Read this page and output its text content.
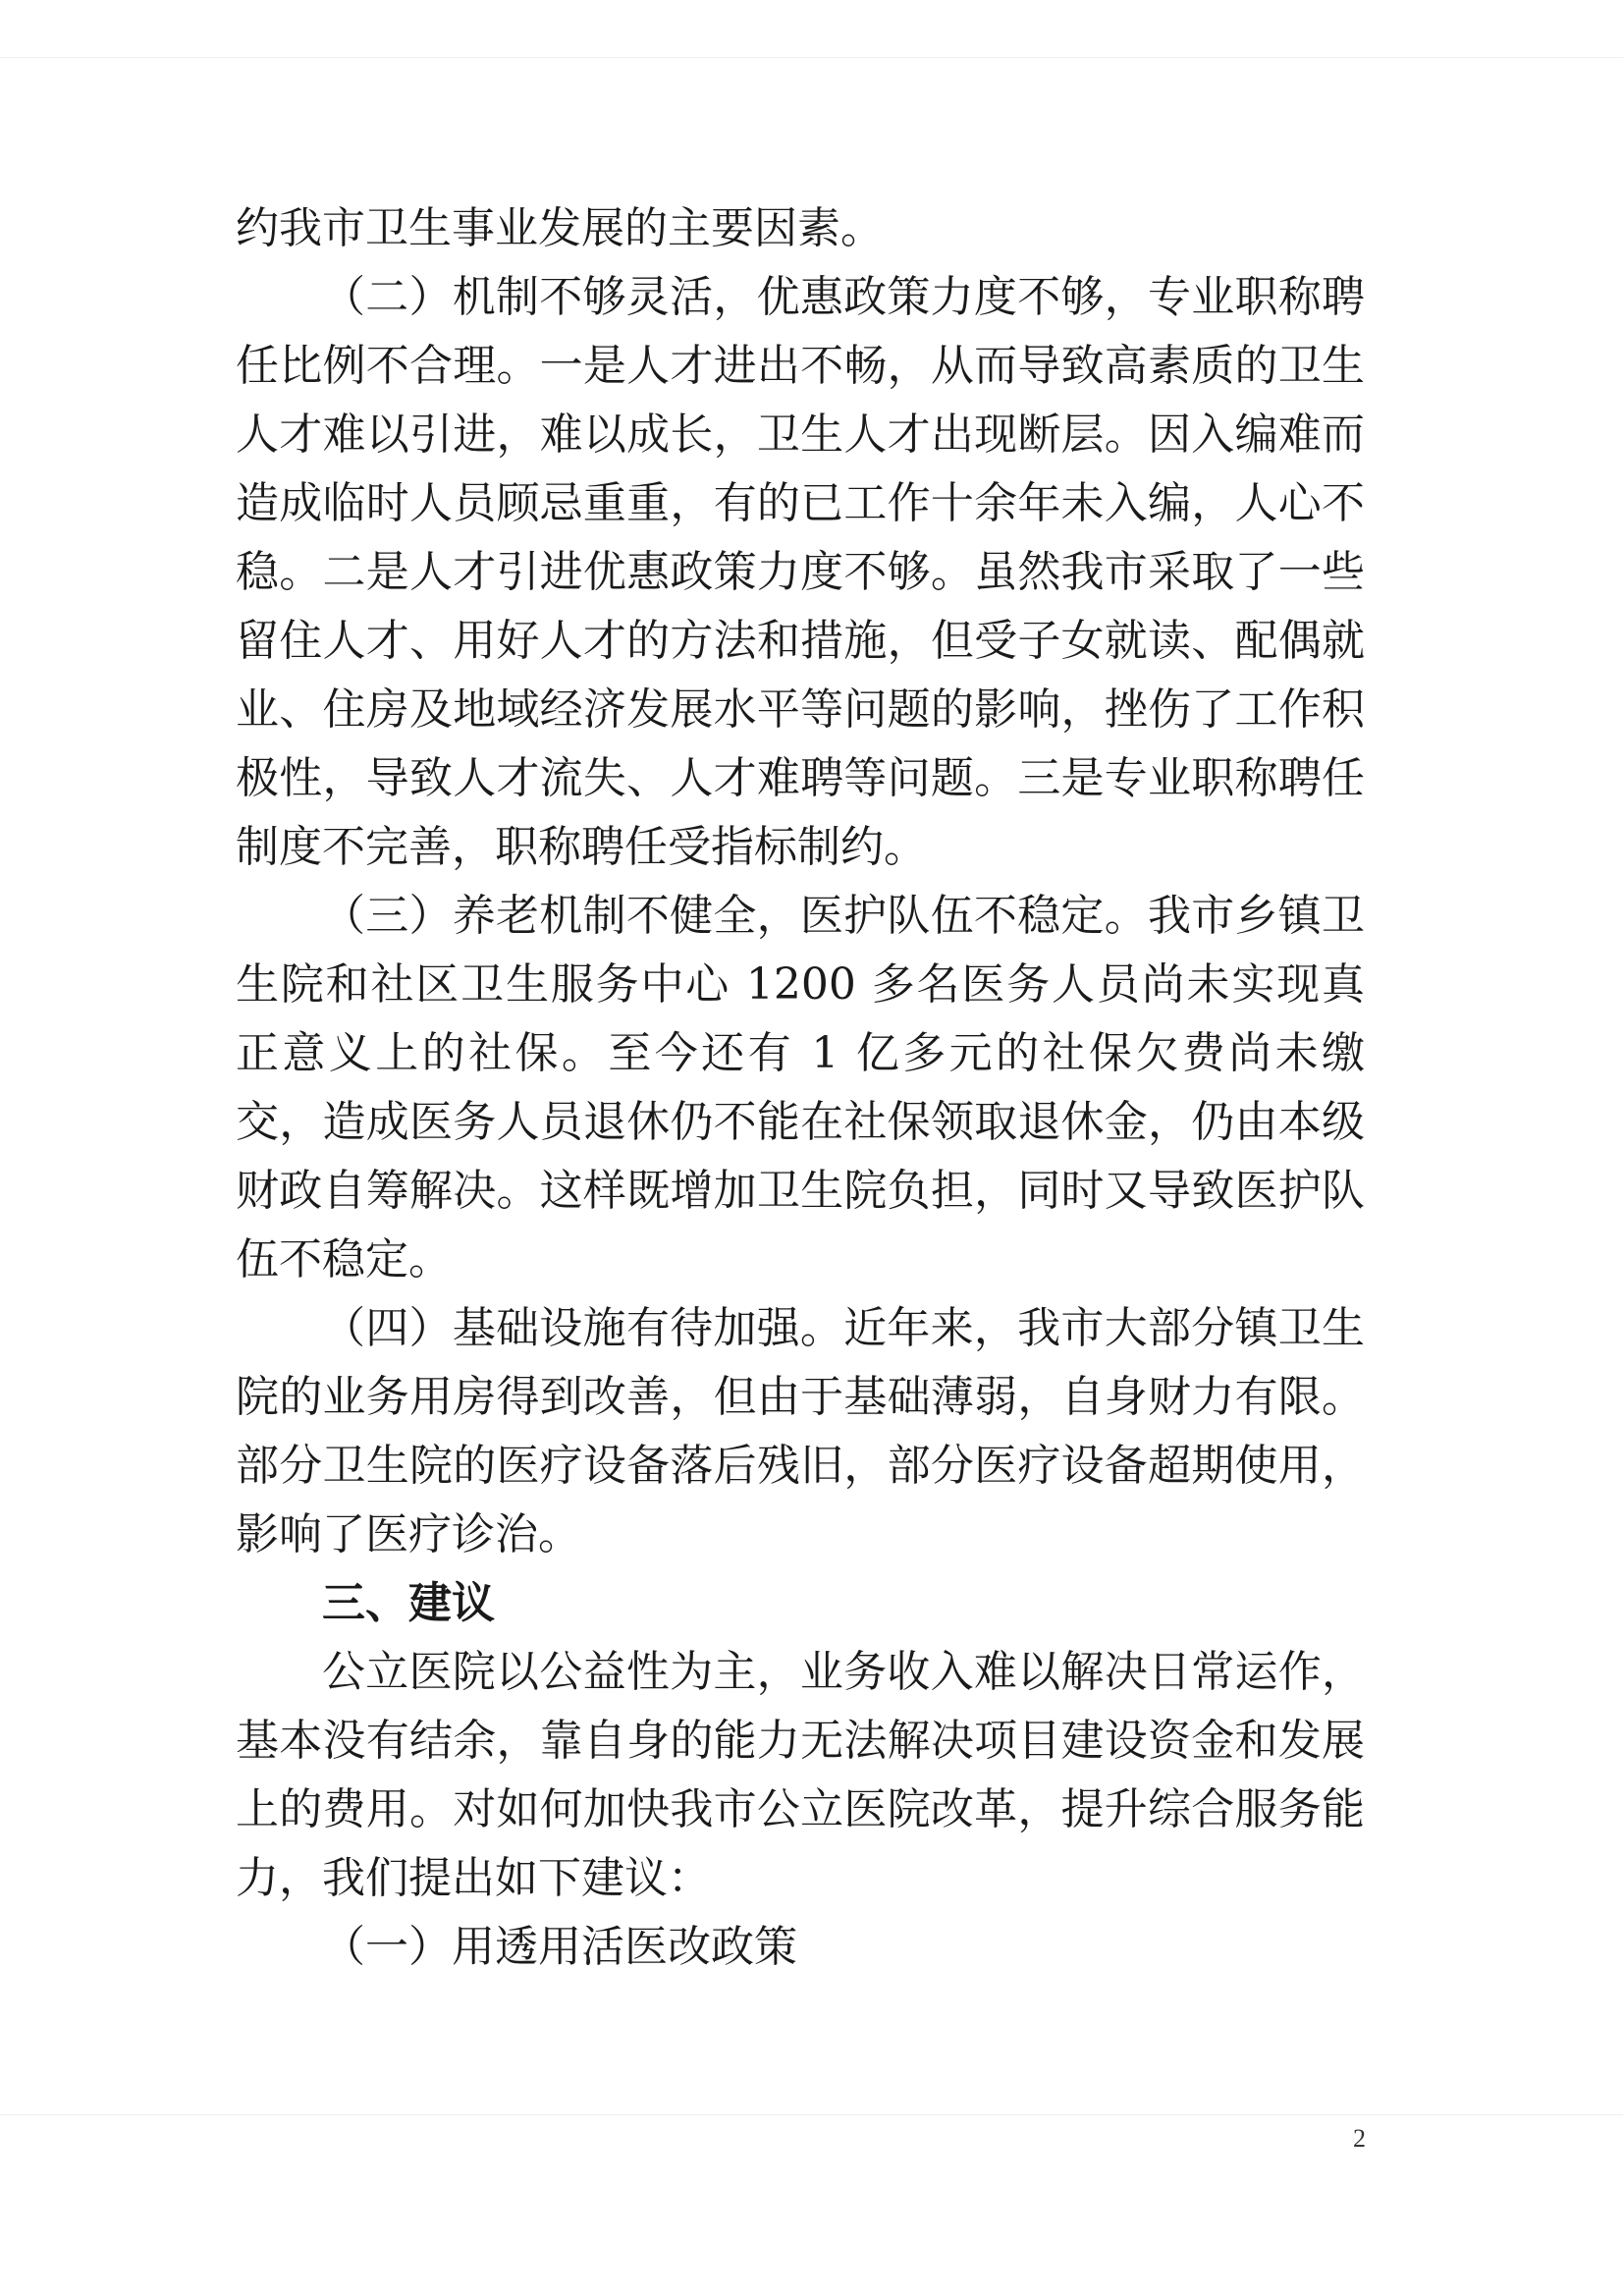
约我市卫生事业发展的主要因素。

（二）机制不够灵活，优惠政策力度不够，专业职称聘任比例不合理。一是人才进出不畅，从而导致高素质的卫生人才难以引进，难以成长，卫生人才出现断层。因入编难而造成临时人员顾忌重重，有的已工作十余年未入编，人心不稳。二是人才引进优惠政策力度不够。虽然我市采取了一些留住人才、用好人才的方法和措施，但受子女就读、配偶就业、住房及地域经济发展水平等问题的影响，挫伤了工作积极性，导致人才流失、人才难聘等问题。三是专业职称聘任制度不完善，职称聘任受指标制约。

（三）养老机制不健全，医护队伍不稳定。我市乡镇卫生院和社区卫生服务中心 1200 多名医务人员尚未实现真正意义上的社保。至今还有 1 亿多元的社保欠费尚未缴交，造成医务人员退休仍不能在社保领取退休金，仍由本级财政自筹解决。这样既增加卫生院负担，同时又导致医护队伍不稳定。

（四）基础设施有待加强。近年来，我市大部分镇卫生院的业务用房得到改善，但由于基础薄弱，自身财力有限。部分卫生院的医疗设备落后残旧，部分医疗设备超期使用，影响了医疗诊治。

三、建议

公立医院以公益性为主，业务收入难以解决日常运作，基本没有结余，靠自身的能力无法解决项目建设资金和发展上的费用。对如何加快我市公立医院改革，提升综合服务能力，我们提出如下建议：

（一）用透用活医改政策

2
